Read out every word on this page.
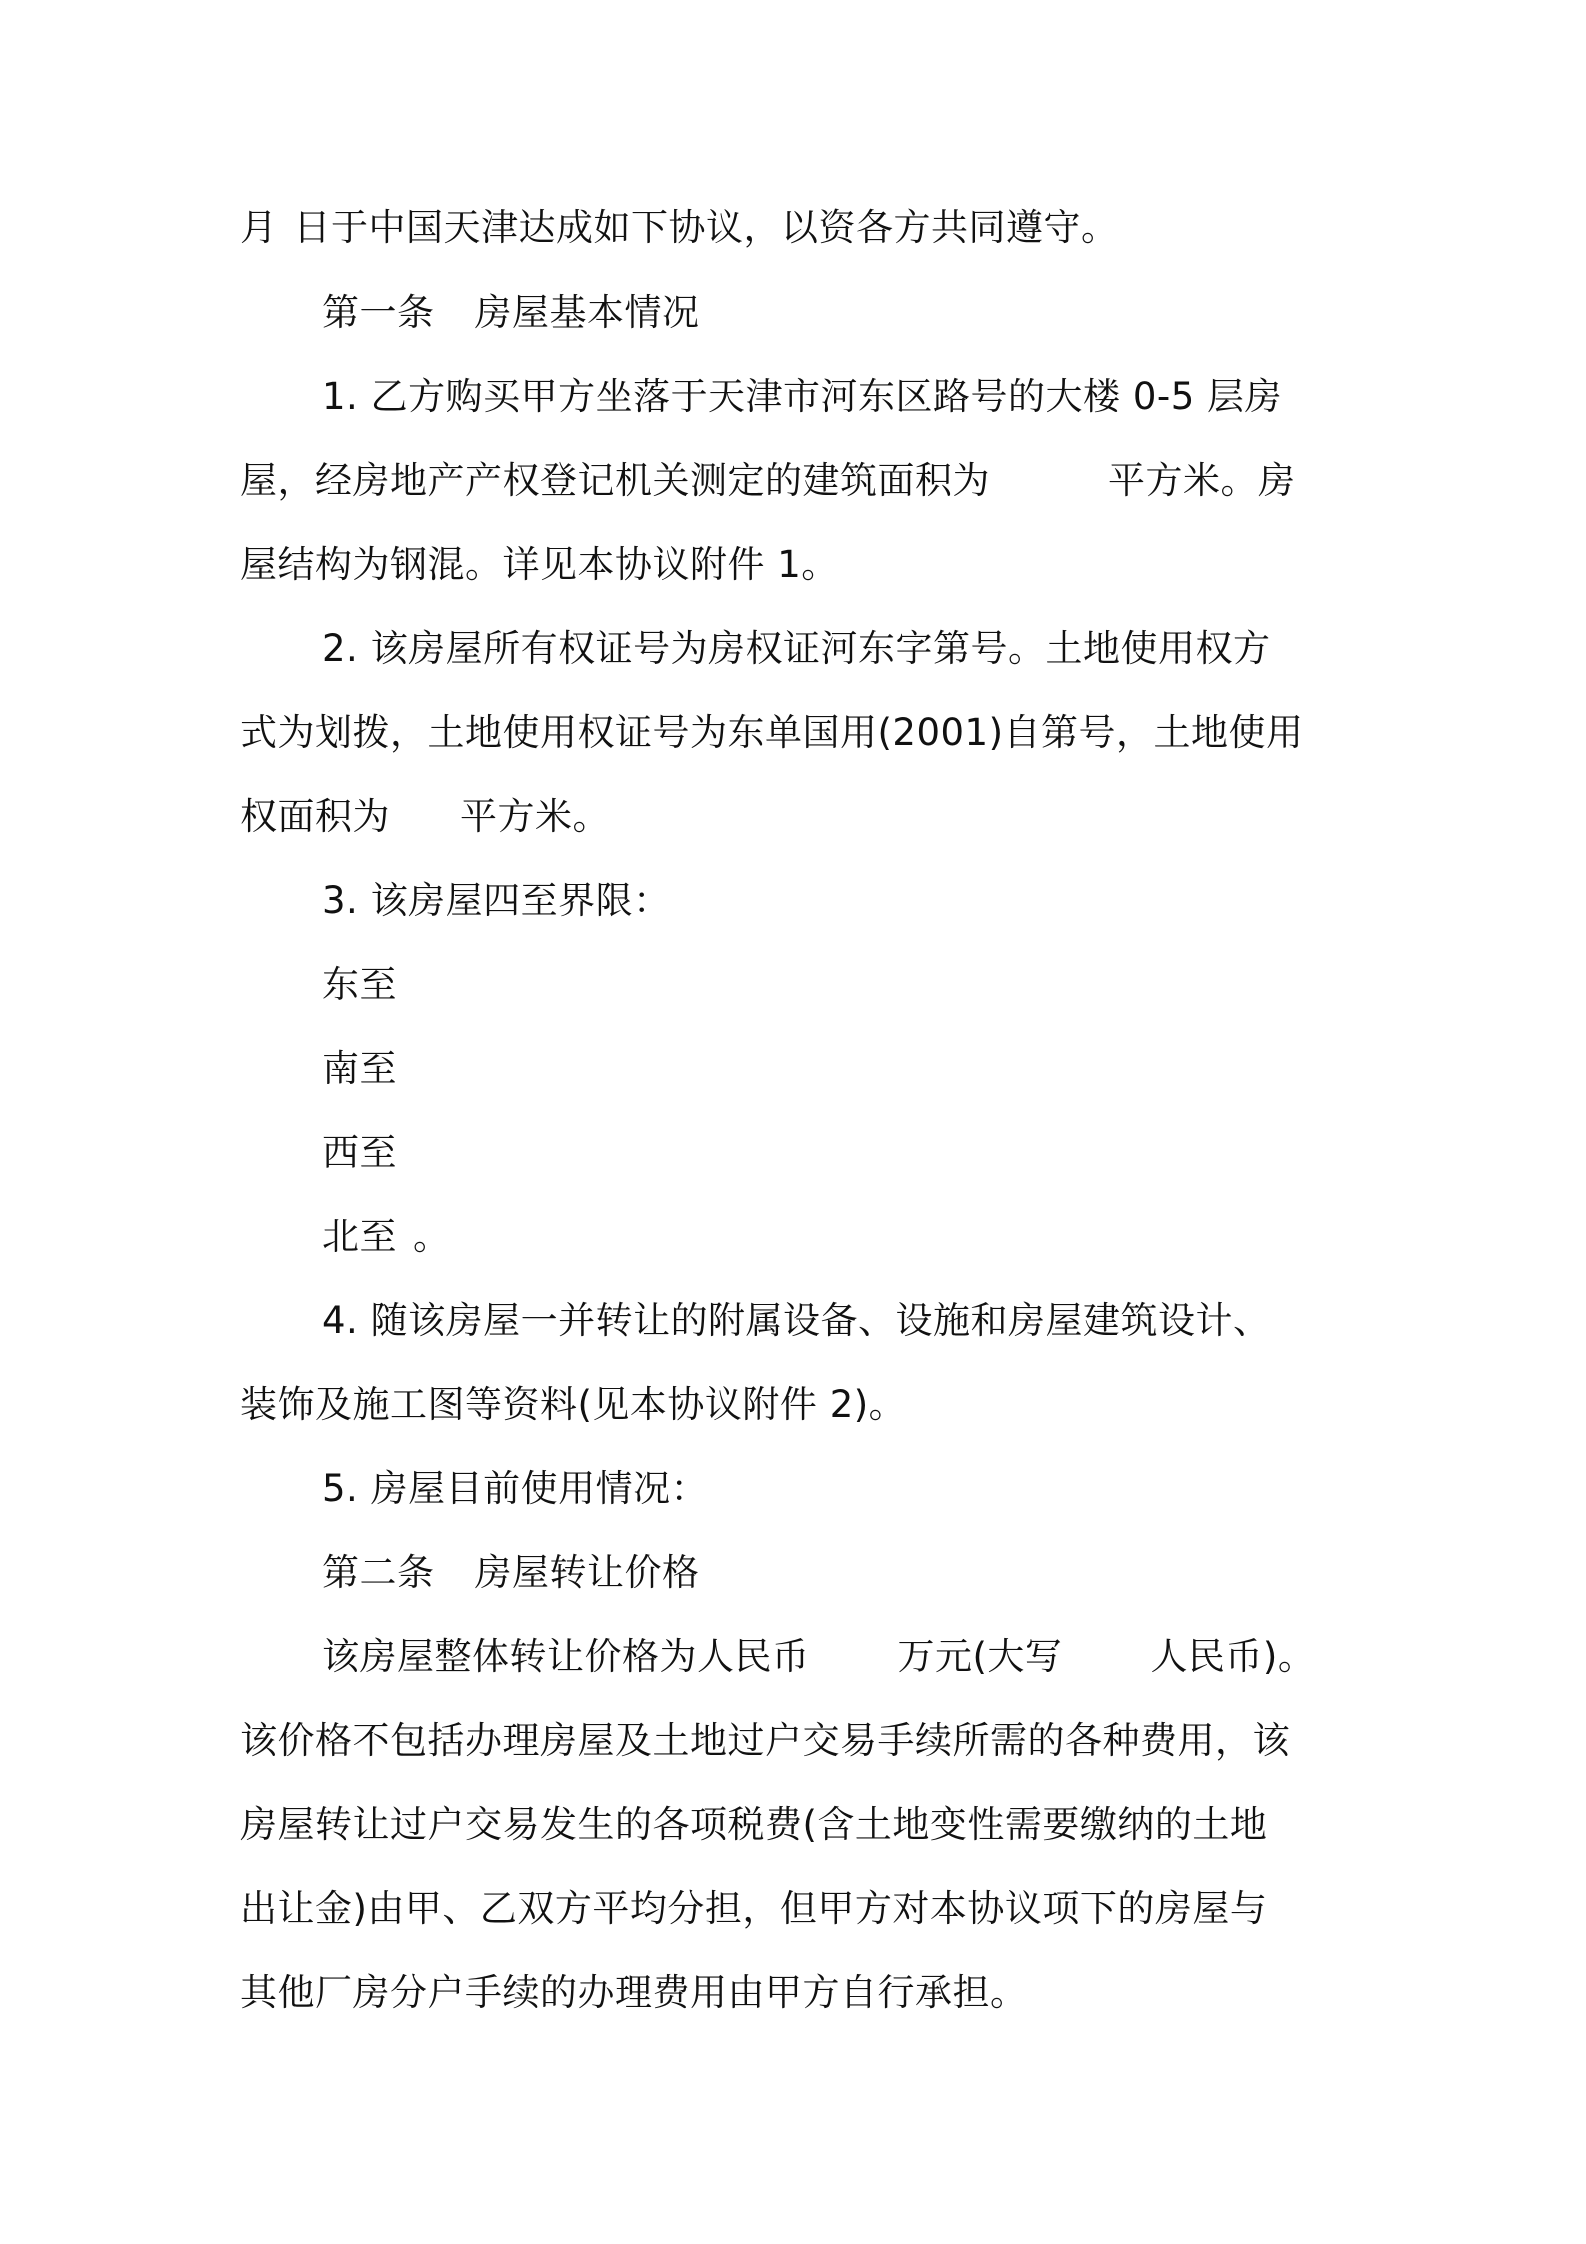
月 日于中国天津达成如下协议，以资各方共同遵守。
第一条 房屋基本情况
1. 乙方购买甲方坐落于天津市河东区路号的大楼 0-5 层房
屋，经房地产产权登记机关测定的建筑面积为	平方米。房
屋结构为钢混。详见本协议附件 1。
2. 该房屋所有权证号为房权证河东字第号。土地使用权方
式为划拨，土地使用权证号为东单国用(2001)自第号，土地使用
权面积为 平方米。
3. 该房屋四至界限：
东至
南至
西至
北至 。
4. 随该房屋一并转让的附属设备、设施和房屋建筑设计、
装饰及施工图等资料(见本协议附件 2)。
5. 房屋目前使用情况：
第二条 房屋转让价格
该房屋整体转让价格为人民币 万元(大写 人民币)。
该价格不包括办理房屋及土地过户交易手续所需的各种费用，该
房屋转让过户交易发生的各项税费(含土地变性需要缴纳的土地
出让金)由甲、乙双方平均分担，但甲方对本协议项下的房屋与
其他厂房分户手续的办理费用由甲方自行承担。
